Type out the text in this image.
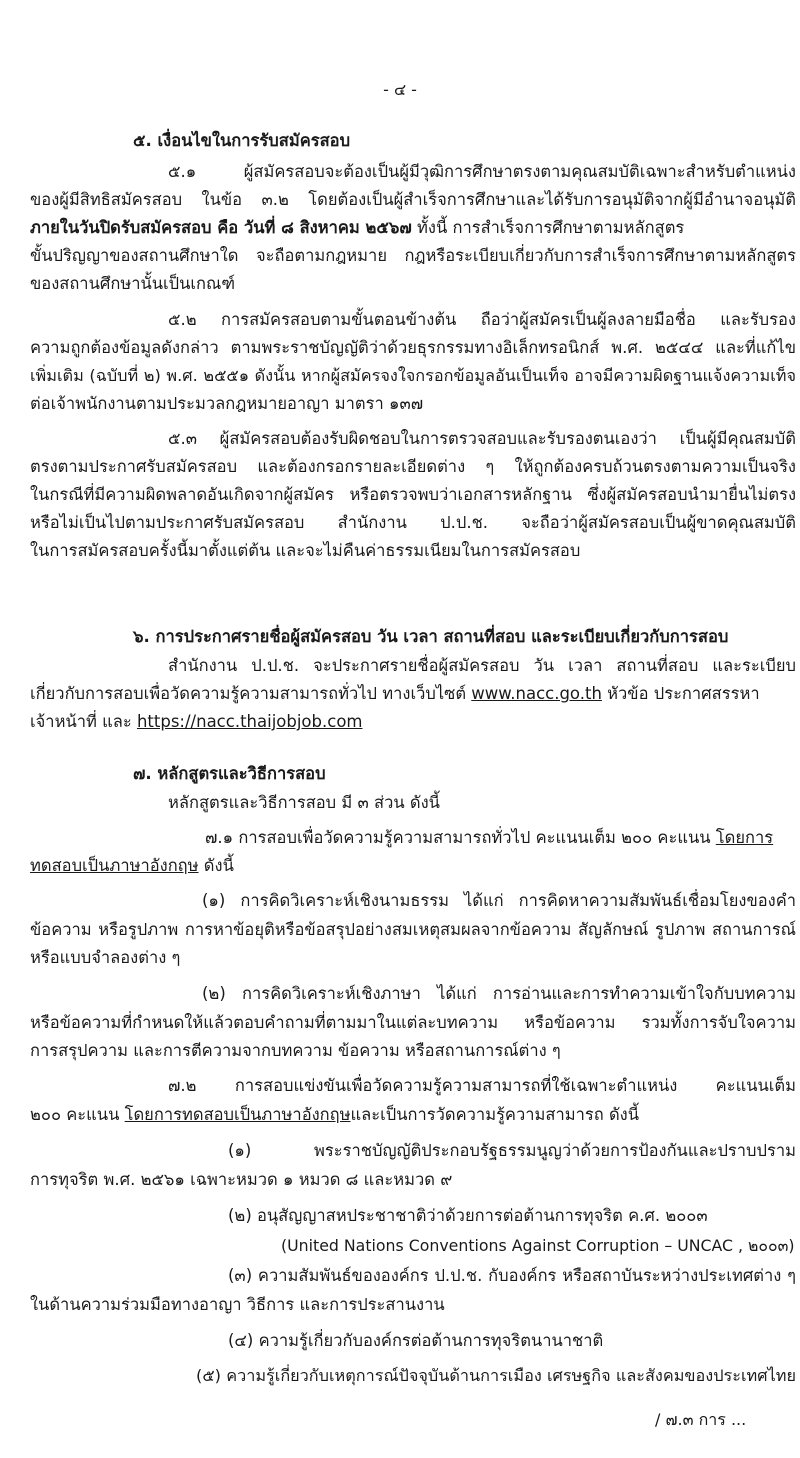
- ๔ -

๕. เงื่อนไขในการรับสมัครสอบ

๕.๑ ผู้สมัครสอบจะต้องเป็นผู้มีวุฒิการศึกษาตรงตามคุณสมบัติเฉพาะสำหรับตำแหน่ง

ของผู้มีสิทธิสมัครสอบ ในข้อ ๓.๒ โดยต้องเป็นผู้สำเร็จการศึกษาและได้รับการอนุมัติจากผู้มีอำนาจอนุมัติ

ภายในวันปิดรับสมัครสอบ คือ วันที่ ๘ สิงหาคม ๒๕๖๗ ทั้งนี้ การสำเร็จการศึกษาตามหลักสูตร

ขั้นปริญญาของสถานศึกษาใด จะถือตามกฎหมาย กฎหรือระเบียบเกี่ยวกับการสำเร็จการศึกษาตามหลักสูตร

ของสถานศึกษานั้นเป็นเกณฑ์

๕.๒ การสมัครสอบตามขั้นตอนข้างต้น ถือว่าผู้สมัครเป็นผู้ลงลายมือชื่อ และรับรอง

ความถูกต้องข้อมูลดังกล่าว ตามพระราชบัญญัติว่าด้วยธุรกรรมทางอิเล็กทรอนิกส์ พ.ศ. ๒๕๔๔ และที่แก้ไข

เพิ่มเติม (ฉบับที่ ๒) พ.ศ. ๒๕๕๑ ดังนั้น หากผู้สมัครจงใจกรอกข้อมูลอันเป็นเท็จ อาจมีความผิดฐานแจ้งความเท็จ

ต่อเจ้าพนักงานตามประมวลกฎหมายอาญา มาตรา ๑๓๗

๕.๓ ผู้สมัครสอบต้องรับผิดชอบในการตรวจสอบและรับรองตนเองว่า เป็นผู้มีคุณสมบัติ

ตรงตามประกาศรับสมัครสอบ และต้องกรอกรายละเอียดต่าง ๆ ให้ถูกต้องครบถ้วนตรงตามความเป็นจริง

ในกรณีที่มีความผิดพลาดอันเกิดจากผู้สมัคร หรือตรวจพบว่าเอกสารหลักฐาน ซึ่งผู้สมัครสอบนำมายื่นไม่ตรง

หรือไม่เป็นไปตามประกาศรับสมัครสอบ สำนักงาน ป.ป.ช. จะถือว่าผู้สมัครสอบเป็นผู้ขาดคุณสมบัติ

ในการสมัครสอบครั้งนี้มาตั้งแต่ต้น และจะไม่คืนค่าธรรมเนียมในการสมัครสอบ

๖. การประกาศรายชื่อผู้สมัครสอบ วัน เวลา สถานที่สอบ และระเบียบเกี่ยวกับการสอบ

สำนักงาน ป.ป.ช. จะประกาศรายชื่อผู้สมัครสอบ วัน เวลา สถานที่สอบ และระเบียบ

เกี่ยวกับการสอบเพื่อวัดความรู้ความสามารถทั่วไป ทางเว็บไซต์ www.nacc.go.th หัวข้อ ประกาศสรรหา

เจ้าหน้าที่ และ https://nacc.thaijobjob.com

๗. หลักสูตรและวิธีการสอบ

หลักสูตรและวิธีการสอบ มี ๓ ส่วน ดังนี้

๗.๑ การสอบเพื่อวัดความรู้ความสามารถทั่วไป คะแนนเต็ม ๒๐๐ คะแนน โดยการ

ทดสอบเป็นภาษาอังกฤษ ดังนี้

(๑) การคิดวิเคราะห์เชิงนามธรรม ได้แก่ การคิดหาความสัมพันธ์เชื่อมโยงของคำ

ข้อความ หรือรูปภาพ การหาข้อยุติหรือข้อสรุปอย่างสมเหตุสมผลจากข้อความ สัญลักษณ์ รูปภาพ สถานการณ์

หรือแบบจำลองต่าง ๆ

(๒) การคิดวิเคราะห์เชิงภาษา ได้แก่ การอ่านและการทำความเข้าใจกับบทความ

หรือข้อความที่กำหนดให้แล้วตอบคำถามที่ตามมาในแต่ละบทความ หรือข้อความ รวมทั้งการจับใจความ

การสรุปความ และการตีความจากบทความ ข้อความ หรือสถานการณ์ต่าง ๆ

๗.๒ การสอบแข่งขันเพื่อวัดความรู้ความสามารถที่ใช้เฉพาะตำแหน่ง คะแนนเต็ม

๒๐๐ คะแนน โดยการทดสอบเป็นภาษาอังกฤษและเป็นการวัดความรู้ความสามารถ ดังนี้

(๑) พระราชบัญญัติประกอบรัฐธรรมนูญว่าด้วยการป้องกันและปราบปราม

การทุจริต พ.ศ. ๒๕๖๑ เฉพาะหมวด ๑ หมวด ๘ และหมวด ๙

(๒) อนุสัญญาสหประชาชาติว่าด้วยการต่อต้านการทุจริต ค.ศ. ๒๐๐๓

(United Nations Conventions Against Corruption – UNCAC , ๒๐๐๓)

(๓) ความสัมพันธ์ขององค์กร ป.ป.ช. กับองค์กร หรือสถาบันระหว่างประเทศต่าง ๆ

ในด้านความร่วมมือทางอาญา วิธีการ และการประสานงาน

(๔) ความรู้เกี่ยวกับองค์กรต่อต้านการทุจริตนานาชาติ

(๕) ความรู้เกี่ยวกับเหตุการณ์ปัจจุบันด้านการเมือง เศรษฐกิจ และสังคมของประเทศไทย

/ ๗.๓ การ ...
